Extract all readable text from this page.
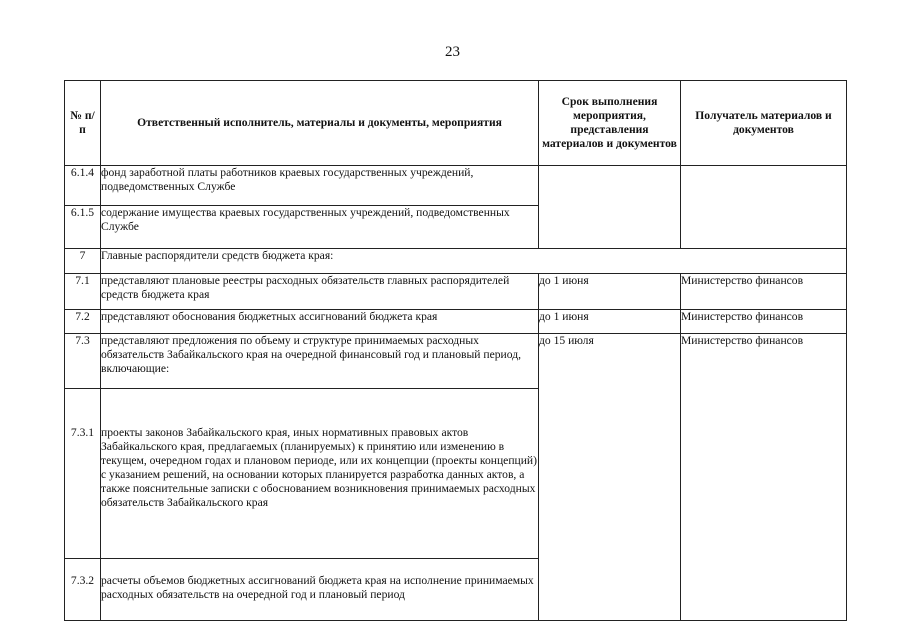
23
№ п/п	Ответственный исполнитель, материалы и документы, мероприятия	Срок выполнения мероприятия, представления материалов и документов	Получатель материалов и документов
6.1.4	фонд заработной платы работников краевых государственных учреждений, подведомственных Службе		
6.1.5	содержание имущества краевых государственных учреждений, подведомственных Службе		
7	Главные распорядители средств бюджета края:		
7.1	представляют плановые реестры расходных обязательств главных распорядителей средств бюджета края	до 1 июня	Министерство финансов
7.2	представляют обоснования бюджетных ассигнований бюджета края	до 1 июня	Министерство финансов
7.3	представляют предложения по объему и структуре принимаемых расходных обязательств Забайкальского края на очередной финансовый год и плановый период, включающие:	до 15 июля	Министерство финансов
7.3.1	проекты законов Забайкальского края, иных нормативных правовых актов Забайкальского края, предлагаемых (планируемых) к принятию или изменению в текущем, очередном годах и плановом периоде, или их концепции (проекты концепций) с указанием решений, на основании которых планируется разработка данных актов, а также пояснительные записки с обоснованием возникновения принимаемых расходных обязательств Забайкальского края		
7.3.2	расчеты объемов бюджетных ассигнований бюджета края на исполнение принимаемых расходных обязательств на очередной год и плановый период		
